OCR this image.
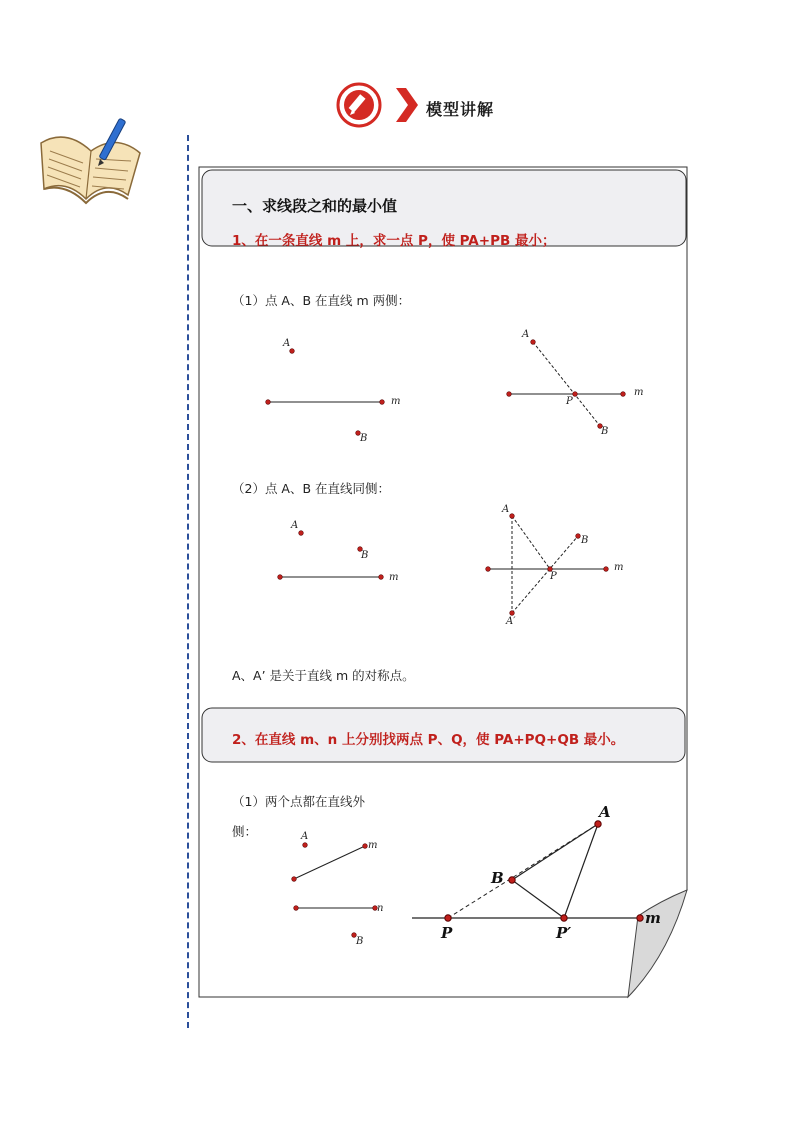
模型讲解
一、求线段之和的最小值
1、在一条直线 m 上，求一点 P，使 PA+PB 最小；
（1）点 A、B 在直线 m 两侧：
（2）点 A、B 在直线同侧：
A、A’ 是关于直线 m 的对称点。
2、在直线 m、n 上分别找两点 P、Q，使 PA+PQ+QB 最小。
（1）两个点都在直线外
侧：
A
B
m
A
B
P
m
A
B
m
A
B
P
m
A′
A
B
m
n
A
B
P	P′
m
